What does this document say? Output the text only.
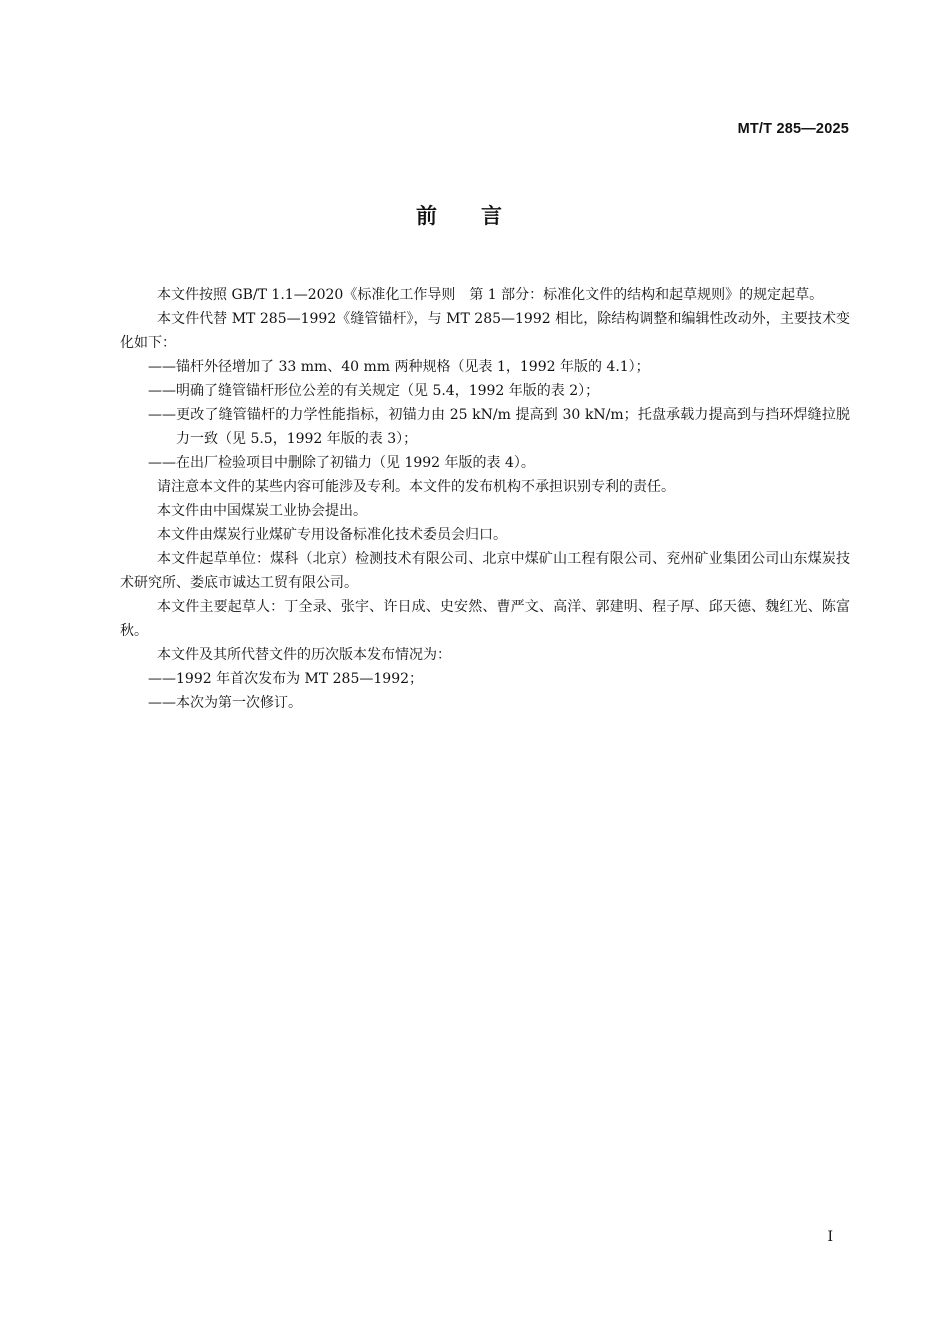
MT/T 285—2025
前言

本文件按照 GB/T 1.1—2020《标准化工作导则　第 1 部分：标准化文件的结构和起草规则》的规定起草。

本文件代替 MT 285—1992《缝管锚杆》，与 MT 285—1992 相比，除结构调整和编辑性改动外，主要技术变化如下：

——锚杆外径增加了 33 mm、40 mm 两种规格（见表 1，1992 年版的 4.1）；

——明确了缝管锚杆形位公差的有关规定（见 5.4，1992 年版的表 2）；

——更改了缝管锚杆的力学性能指标，初锚力由 25 kN/m 提高到 30 kN/m；托盘承载力提高到与挡环焊缝拉脱力一致（见 5.5，1992 年版的表 3）；

——在出厂检验项目中删除了初锚力（见 1992 年版的表 4）。

请注意本文件的某些内容可能涉及专利。本文件的发布机构不承担识别专利的责任。

本文件由中国煤炭工业协会提出。

本文件由煤炭行业煤矿专用设备标准化技术委员会归口。

本文件起草单位：煤科（北京）检测技术有限公司、北京中煤矿山工程有限公司、兖州矿业集团公司山东煤炭技术研究所、娄底市诚达工贸有限公司。

本文件主要起草人：丁全录、张宇、许日成、史安然、曹严文、高洋、郭建明、程子厚、邱天德、魏红光、陈富秋。

本文件及其所代替文件的历次版本发布情况为：

——1992 年首次发布为 MT 285—1992；

——本次为第一次修订。

I
